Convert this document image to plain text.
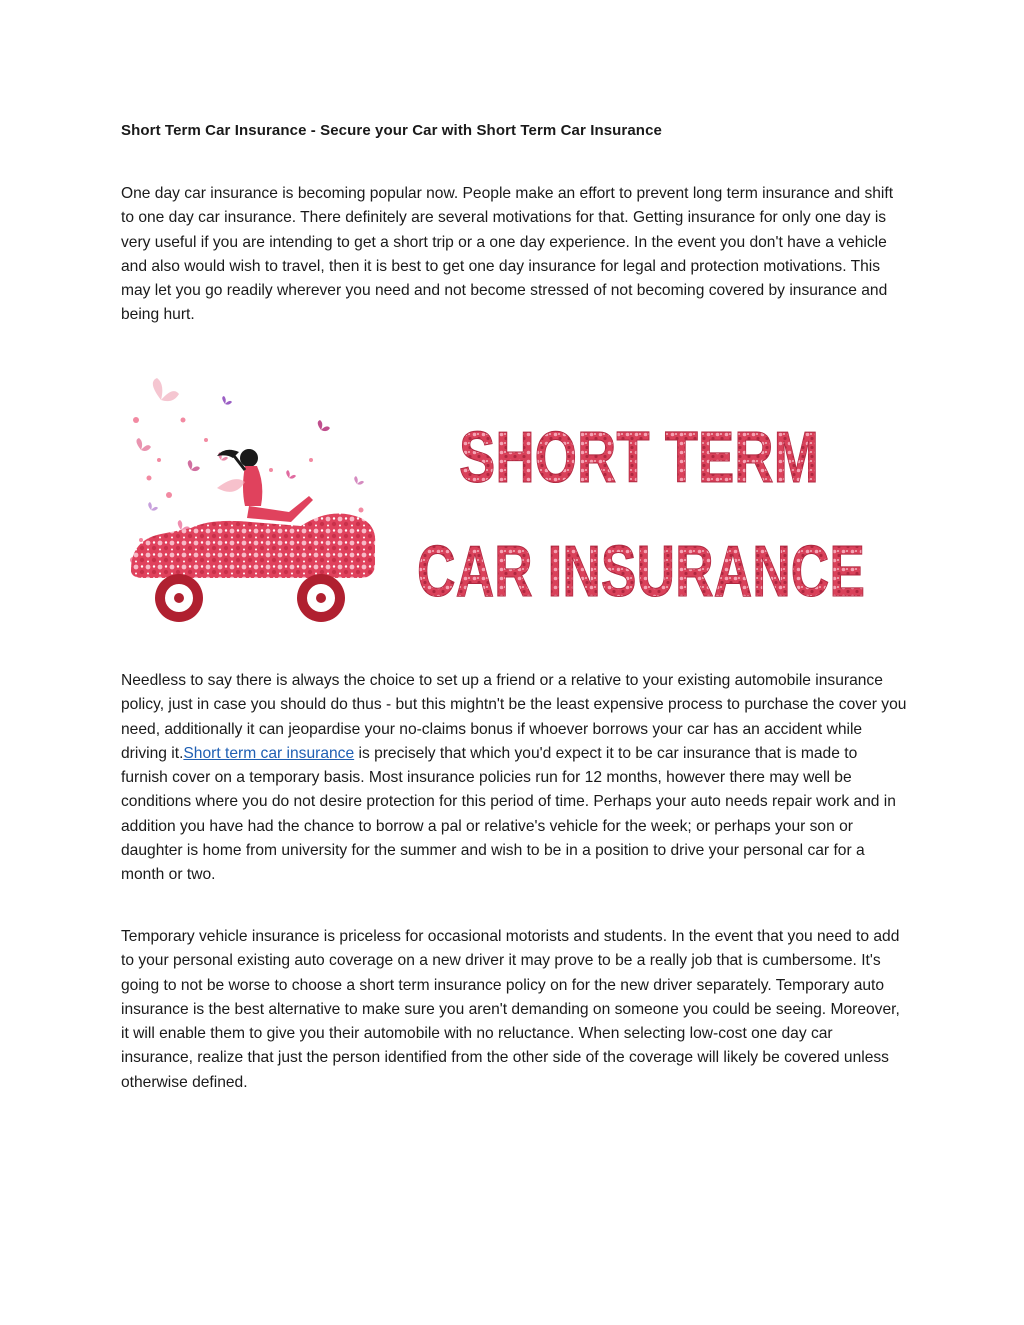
Short Term Car Insurance - Secure your Car with Short Term Car Insurance

One day car insurance is becoming popular now. People make an effort to prevent long term insurance and shift to one day car insurance. There definitely are several motivations for that. Getting insurance for only one day is very useful if you are intending to get a short trip or a one day experience. In the event you don't have a vehicle and also would wish to travel, then it is best to get one day insurance for legal and protection motivations. This may let you go readily wherever you need and not become stressed of not becoming covered by insurance and being hurt.

SHORT TERM
CAR INSURANCE

Needless to say there is always the choice to set up a friend or a relative to your existing automobile insurance policy, just in case you should do thus - but this mightn't be the least expensive process to purchase the cover you need, additionally it can jeopardise your no-claims bonus if whoever borrows your car has an accident while driving it.Short term car insurance is precisely that which you'd expect it to be car insurance that is made to furnish cover on a temporary basis. Most insurance policies run for 12 months, however there may well be conditions where you do not desire protection for this period of time. Perhaps your auto needs repair work and in addition you have had the chance to borrow a pal or relative's vehicle for the week; or perhaps your son or daughter is home from university for the summer and wish to be in a position to drive your personal car for a month or two.

Temporary vehicle insurance is priceless for occasional motorists and students. In the event that you need to add to your personal existing auto coverage on a new driver it may prove to be a really job that is cumbersome. It's going to not be worse to choose a short term insurance policy on for the new driver separately. Temporary auto insurance is the best alternative to make sure you aren't demanding on someone you could be seeing. Moreover, it will enable them to give you their automobile with no reluctance. When selecting low-cost one day car insurance, realize that just the person identified from the other side of the coverage will likely be covered unless otherwise defined.
